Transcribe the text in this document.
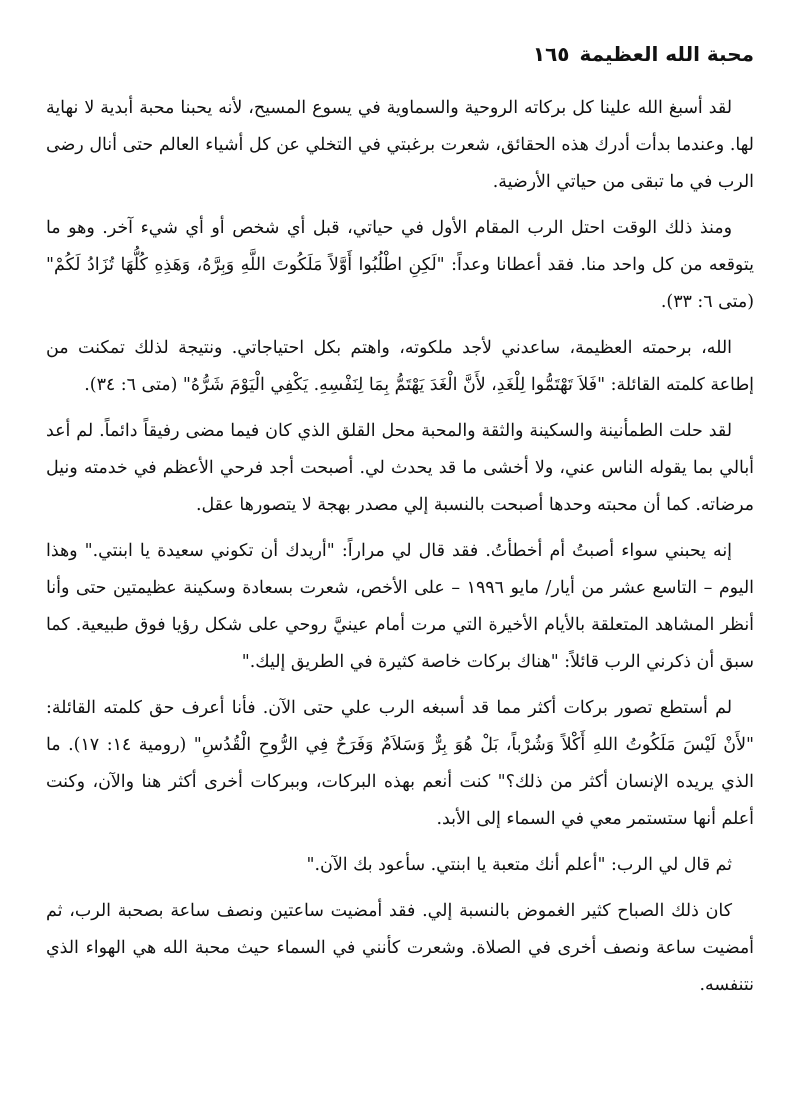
محبة الله العظيمة
١٦٥

لقد أسبغ الله علينا كل بركاته الروحية والسماوية في يسوع المسيح، لأنه يحبنا محبة أبدية لا نهاية لها. وعندما بدأت أدرك هذه الحقائق، شعرت برغبتي في التخلي عن كل أشياء العالم حتى أنال رضى الرب في ما تبقى من حياتي الأرضية.

ومنذ ذلك الوقت احتل الرب المقام الأول في حياتي، قبل أي شخص أو أي شيء آخر. وهو ما يتوقعه من كل واحد منا. فقد أعطانا وعداً: "لَكِنِ اطْلُبُوا أَوَّلاً مَلَكُوتَ اللَّهِ وَبِرَّهُ، وَهَذِهِ كُلُّهَا تُزَادُ لَكُمْ" (متى ٦: ٣٣).

الله، برحمته العظيمة، ساعدني لأجد ملكوته، واهتم بكل احتياجاتي. ونتيجة لذلك تمكنت من إطاعة كلمته القائلة: "فَلاَ تَهْتَمُّوا لِلْغَدِ، لأَنَّ الْغَدَ يَهْتَمُّ بِمَا لِنَفْسِهِ. يَكْفِي الْيَوْمَ شَرُّهُ" (متى ٦: ٣٤).

لقد حلت الطمأنينة والسكينة والثقة والمحبة محل القلق الذي كان فيما مضى رفيقاً دائماً. لم أعد أبالي بما يقوله الناس عني، ولا أخشى ما قد يحدث لي. أصبحت أجد فرحي الأعظم في خدمته ونيل مرضاته. كما أن محبته وحدها أصبحت بالنسبة إلي مصدر بهجة لا يتصورها عقل.

إنه يحبني سواء أصبتُ أم أخطأتُ. فقد قال لي مراراً: "أريدك أن تكوني سعيدة يا ابنتي." وهذا اليوم – التاسع عشر من أيار/ مايو ١٩٩٦ – على الأخص، شعرت بسعادة وسكينة عظيمتين حتى وأنا أنظر المشاهد المتعلقة بالأيام الأخيرة التي مرت أمام عينيَّ روحي على شكل رؤيا فوق طبيعية. كما سبق أن ذكرني الرب قائلاً: "هناك بركات خاصة كثيرة في الطريق إليك."

لم أستطع تصور بركات أكثر مما قد أسبغه الرب علي حتى الآن. فأنا أعرف حق كلمته القائلة: "لأَنْ لَيْسَ مَلَكُوتُ اللهِ أَكْلاً وَشُرْباً، بَلْ هُوَ بِرٌّ وَسَلاَمٌ وَفَرَحٌ فِي الرُّوحِ الْقُدُسِ" (رومية ١٤: ١٧). ما الذي يريده الإنسان أكثر من ذلك؟" كنت أنعم بهذه البركات، وببركات أخرى أكثر هنا والآن، وكنت أعلم أنها ستستمر معي في السماء إلى الأبد.

ثم قال لي الرب: "أعلم أنك متعبة يا ابنتي. سأعود بك الآن."

كان ذلك الصباح كثير الغموض بالنسبة إلي. فقد أمضيت ساعتين ونصف ساعة بصحبة الرب، ثم أمضيت ساعة ونصف أخرى في الصلاة. وشعرت كأنني في السماء حيث محبة الله هي الهواء الذي نتنفسه.
